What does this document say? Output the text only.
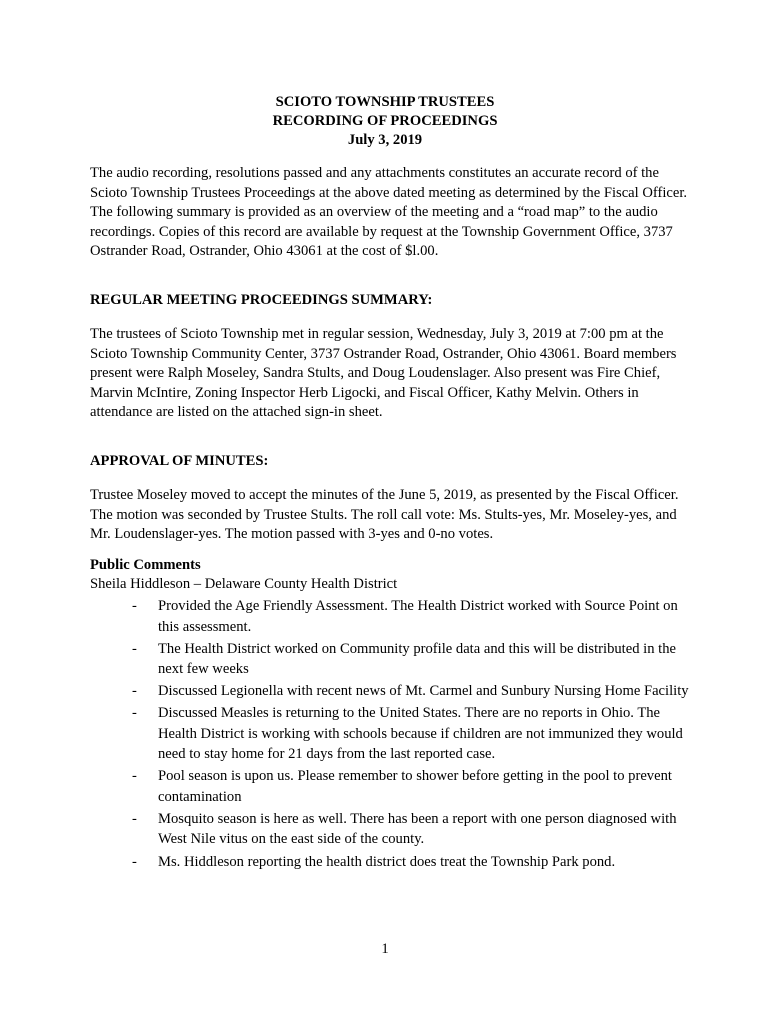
SCIOTO TOWNSHIP TRUSTEES
RECORDING OF PROCEEDINGS
July 3, 2019

The audio recording, resolutions passed and any attachments constitutes an accurate record of the Scioto Township Trustees Proceedings at the above dated meeting as determined by the Fiscal Officer. The following summary is provided as an overview of the meeting and a “road map” to the audio recordings. Copies of this record are available by request at the Township Government Office, 3737 Ostrander Road, Ostrander, Ohio 43061 at the cost of $l.00.

REGULAR MEETING PROCEEDINGS SUMMARY:

The trustees of Scioto Township met in regular session, Wednesday, July 3, 2019 at 7:00 pm at the Scioto Township Community Center, 3737 Ostrander Road, Ostrander, Ohio 43061. Board members present were Ralph Moseley, Sandra Stults, and Doug Loudenslager. Also present was Fire Chief, Marvin McIntire, Zoning Inspector Herb Ligocki, and Fiscal Officer, Kathy Melvin. Others in attendance are listed on the attached sign-in sheet.

APPROVAL OF MINUTES:

Trustee Moseley moved to accept the minutes of the June 5, 2019, as presented by the Fiscal Officer. The motion was seconded by Trustee Stults. The roll call vote: Ms. Stults-yes, Mr. Moseley-yes, and Mr. Loudenslager-yes. The motion passed with 3-yes and 0-no votes.

Public Comments
Sheila Hiddleson – Delaware County Health District
- Provided the Age Friendly Assessment. The Health District worked with Source Point on this assessment.
- The Health District worked on Community profile data and this will be distributed in the next few weeks
- Discussed Legionella with recent news of Mt. Carmel and Sunbury Nursing Home Facility
- Discussed Measles is returning to the United States. There are no reports in Ohio. The Health District is working with schools because if children are not immunized they would need to stay home for 21 days from the last reported case.
- Pool season is upon us. Please remember to shower before getting in the pool to prevent contamination
- Mosquito season is here as well. There has been a report with one person diagnosed with West Nile vitus on the east side of the county.
- Ms. Hiddleson reporting the health district does treat the Township Park pond.
1
